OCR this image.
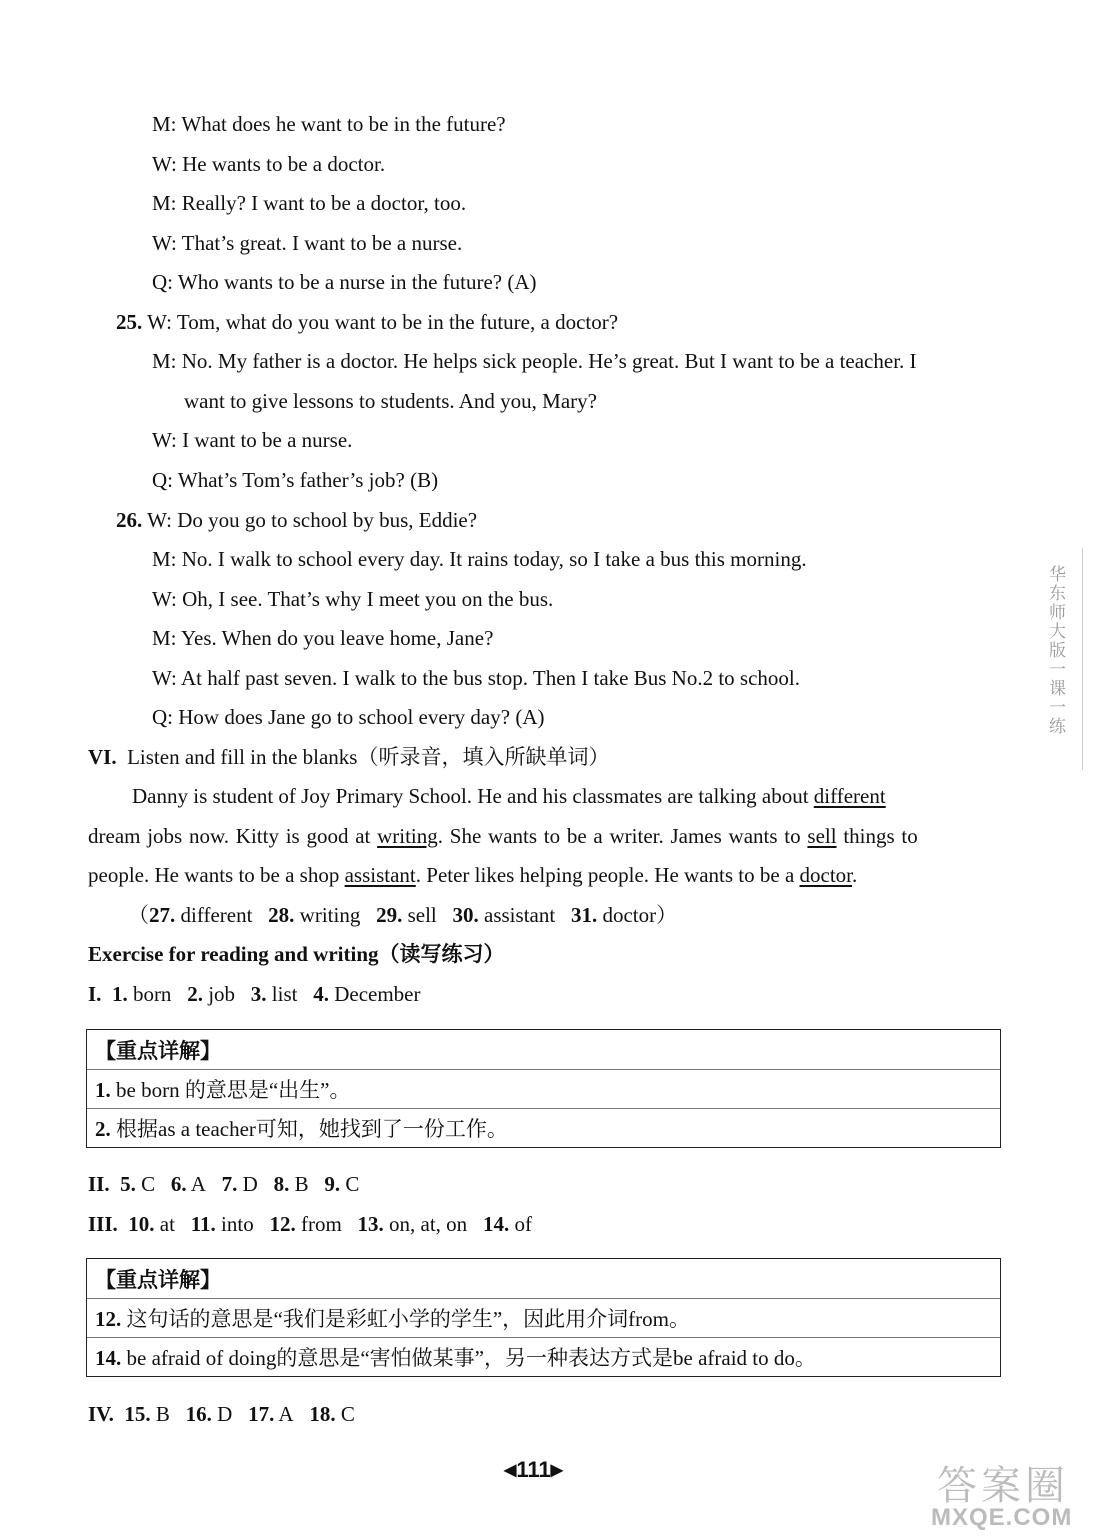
M: What does he want to be in the future?
W: He wants to be a doctor.
M: Really? I want to be a doctor, too.
W: That’s great. I want to be a nurse.
Q: Who wants to be a nurse in the future? (A)
25. W: Tom, what do you want to be in the future, a doctor?
M: No. My father is a doctor. He helps sick people. He’s great. But I want to be a teacher. I
want to give lessons to students. And you, Mary?
W: I want to be a nurse.
Q: What’s Tom’s father’s job? (B)
26. W: Do you go to school by bus, Eddie?
M: No. I walk to school every day. It rains today, so I take a bus this morning.
W: Oh, I see. That’s why I meet you on the bus.
M: Yes. When do you leave home, Jane?
W: At half past seven. I walk to the bus stop. Then I take Bus No.2 to school.
Q: How does Jane go to school every day? (A)
VI. Listen and fill in the blanks（听录音，填入所缺单词）
Danny is student of Joy Primary School. He and his classmates are talking about different
dream jobs now. Kitty is good at writing. She wants to be a writer. James wants to sell things to
people. He wants to be a shop assistant. Peter likes helping people. He wants to be a doctor.
（27. different 28. writing 29. sell 30. assistant 31. doctor）
Exercise for reading and writing（读写练习）
I. 1. born 2. job 3. list 4. December
【重点详解】
1. be born 的意思是“出生”。
2. 根据as a teacher可知，她找到了一份工作。
II. 5. C 6. A 7. D 8. B 9. C
III. 10. at 11. into 12. from 13. on, at, on 14. of
【重点详解】
12. 这句话的意思是“我们是彩虹小学的学生”，因此用介词from。
14. be afraid of doing的意思是“害怕做某事”，另一种表达方式是be afraid to do。
IV. 15. B 16. D 17. A 18. C
华东师大版一课一练
◀111▶	答案圈
MXQE.COM
